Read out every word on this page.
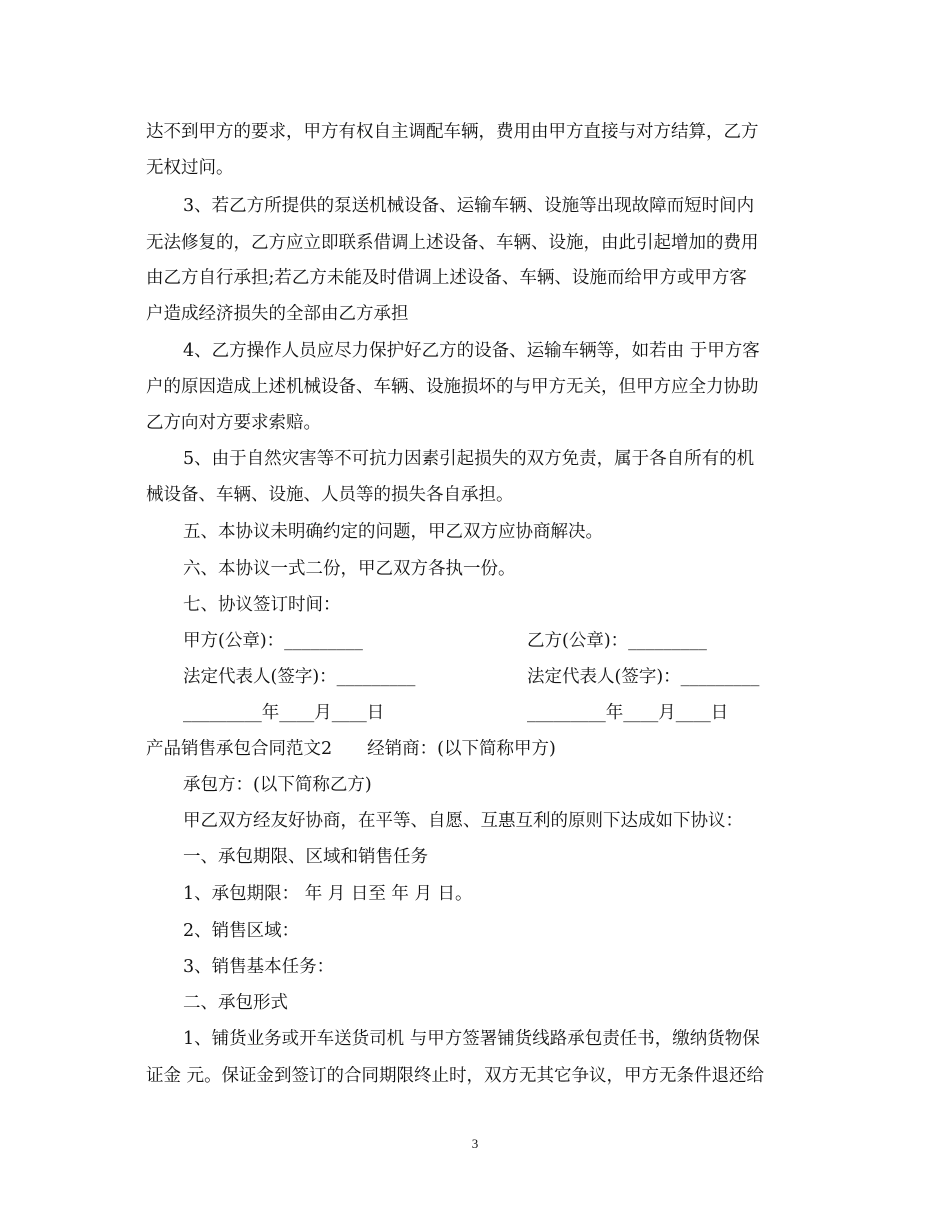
达不到甲方的要求，甲方有权自主调配车辆，费用由甲方直接与对方结算，乙方
无权过问。
3、若乙方所提供的泵送机械设备、运输车辆、设施等出现故障而短时间内
无法修复的，乙方应立即联系借调上述设备、车辆、设施，由此引起增加的费用
由乙方自行承担;若乙方未能及时借调上述设备、车辆、设施而给甲方或甲方客
户造成经济损失的全部由乙方承担
4、乙方操作人员应尽力保护好乙方的设备、运输车辆等，如若由 于甲方客
户的原因造成上述机械设备、车辆、设施损坏的与甲方无关，但甲方应全力协助
乙方向对方要求索赔。
5、由于自然灾害等不可抗力因素引起损失的双方免责，属于各自所有的机
械设备、车辆、设施、人员等的损失各自承担。
五、本协议未明确约定的问题，甲乙双方应协商解决。
六、本协议一式二份，甲乙双方各执一份。
七、协议签订时间：
甲方(公章)：_________	乙方(公章)：_________
法定代表人(签字)：_________	法定代表人(签字)：_________
_________年____月____日	_________年____月____日
产品销售承包合同范文2　　经销商：(以下简称甲方)
承包方：(以下简称乙方)
甲乙双方经友好协商，在平等、自愿、互惠互利的原则下达成如下协议：
一、承包期限、区域和销售任务
1、承包期限： 年 月 日至 年 月 日。
2、销售区域：
3、销售基本任务：
二、承包形式
1、铺货业务或开车送货司机 与甲方签署铺货线路承包责任书，缴纳货物保
证金 元。保证金到签订的合同期限终止时，双方无其它争议，甲方无条件退还给
3
